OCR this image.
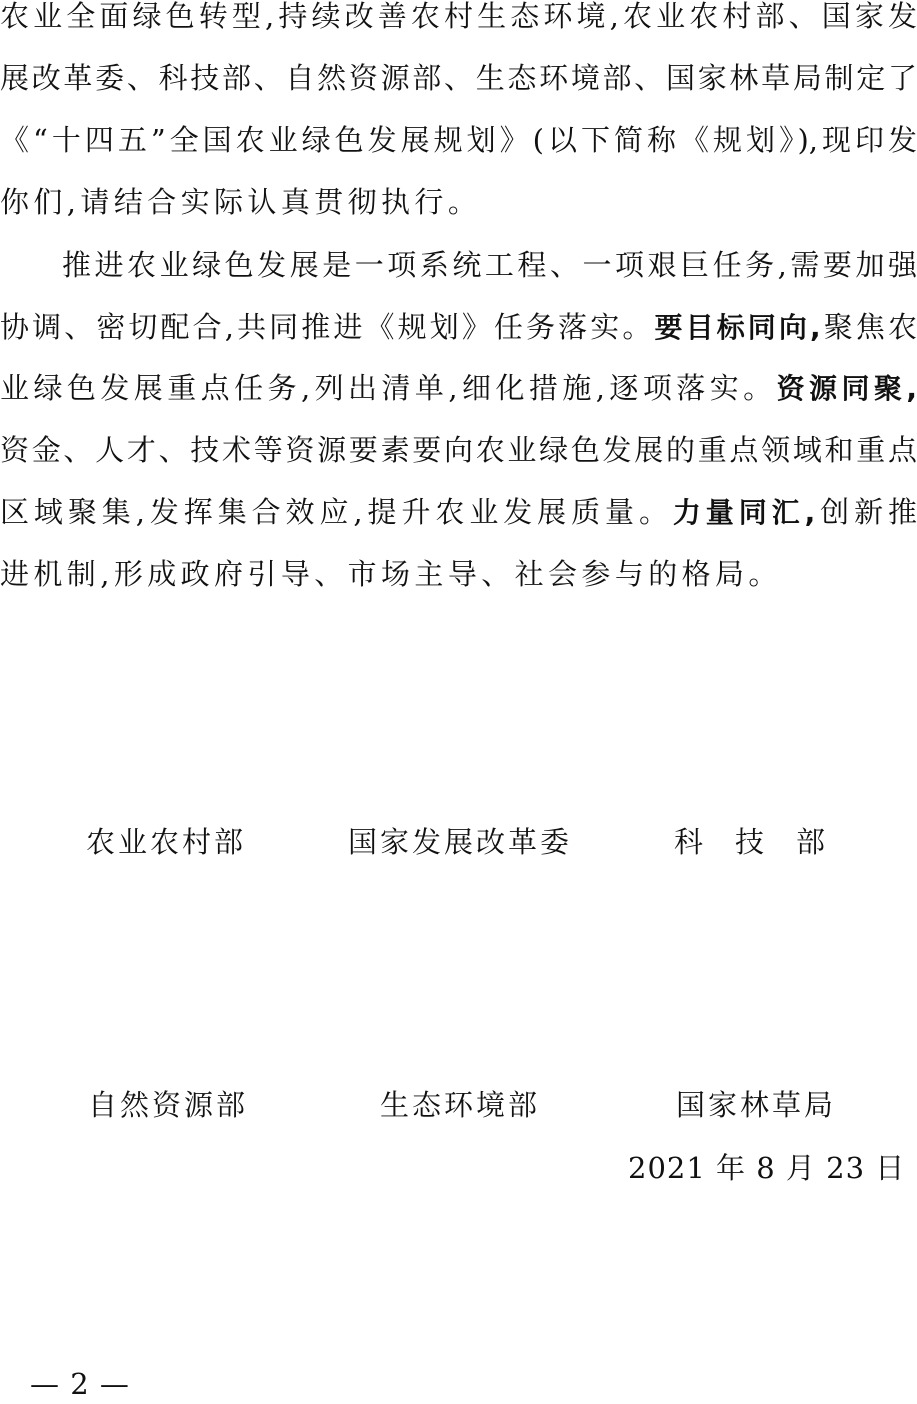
农业全面绿色转型,持续改善农村生态环境,农业农村部、国家发
展改革委、科技部、自然资源部、生态环境部、国家林草局制定了
《“十四五”全国农业绿色发展规划》(以下简称《规划》),现印发
你们,请结合实际认真贯彻执行。
推进农业绿色发展是一项系统工程、一项艰巨任务,需要加强
协调、密切配合,共同推进《规划》任务落实。要目标同向,聚焦农
业绿色发展重点任务,列出清单,细化措施,逐项落实。资源同聚,
资金、人才、技术等资源要素要向农业绿色发展的重点领域和重点
区域聚集,发挥集合效应,提升农业发展质量。力量同汇,创新推
进机制,形成政府引导、市场主导、社会参与的格局。
农业农村部	国家发展改革委	科技部
自然资源部	生态环境部	国家林草局
2021 年 8 月 23 日
— 2 —
